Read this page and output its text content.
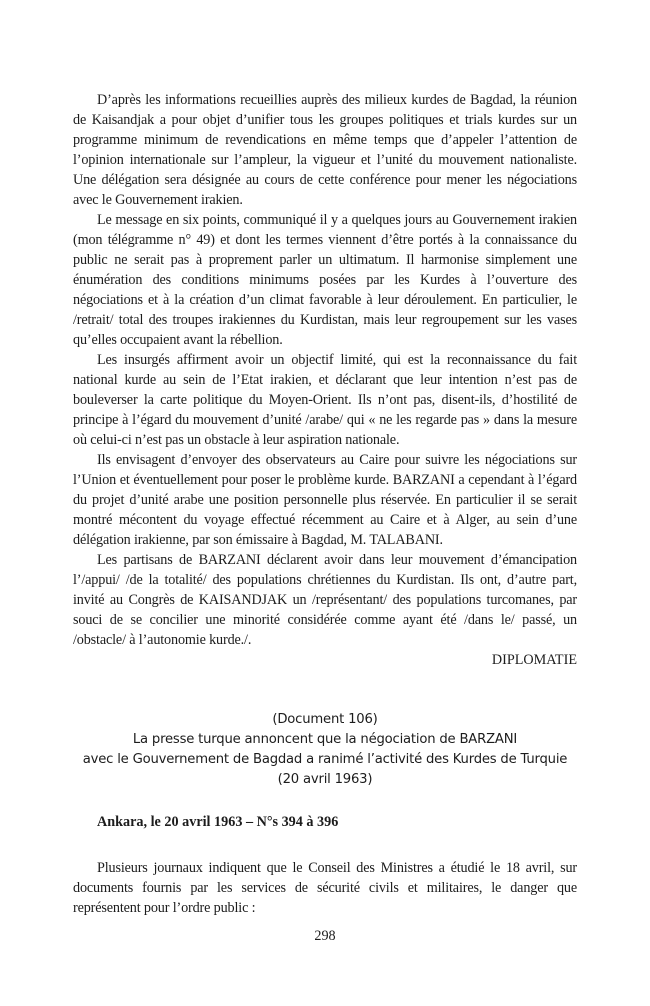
D’après les informations recueillies auprès des milieux kurdes de Bagdad, la réunion de Kaisandjak a pour objet d’unifier tous les groupes politiques et trials kurdes sur un programme minimum de revendications en même temps que d’appeler l’attention de l’opinion internationale sur l’ampleur, la vigueur et l’unité du mouvement nationaliste. Une délégation sera désignée au cours de cette conférence pour mener les négociations avec le Gouvernement irakien.

Le message en six points, communiqué il y a quelques jours au Gouvernement irakien (mon télégramme n° 49) et dont les termes viennent d’être portés à la connaissance du public ne serait pas à proprement parler un ultimatum. Il harmonise simplement une énumération des conditions minimums posées par les Kurdes à l’ouverture des négociations et à la création d’un climat favorable à leur déroulement. En particulier, le /retrait/ total des troupes irakiennes du Kurdistan, mais leur regroupement sur les vases qu’elles occupaient avant la rébellion.

Les insurgés affirment avoir un objectif limité, qui est la reconnaissance du fait national kurde au sein de l’Etat irakien, et déclarant que leur intention n’est pas de bouleverser la carte politique du Moyen-Orient. Ils n’ont pas, disent-ils, d’hostilité de principe à l’égard du mouvement d’unité /arabe/ qui « ne les regarde pas » dans la mesure où celui-ci n’est pas un obstacle à leur aspiration nationale.

Ils envisagent d’envoyer des observateurs au Caire pour suivre les négociations sur l’Union et éventuellement pour poser le problème kurde. BARZANI a cependant à l’égard du projet d’unité arabe une position personnelle plus réservée. En particulier il se serait montré mécontent du voyage effectué récemment au Caire et à Alger, au sein d’une délégation irakienne, par son émissaire à Bagdad, M. TALABANI.

Les partisans de BARZANI déclarent avoir dans leur mouvement d’émancipation l’/appui/ /de la totalité/ des populations chrétiennes du Kurdistan. Ils ont, d’autre part, invité au Congrès de KAISANDJAK un /représentant/ des populations turcomanes, par souci de se concilier une minorité considérée comme ayant été /dans le/ passé, un /obstacle/ à l’autonomie kurde./.

DIPLOMATIE

(Document 106)
La presse turque annoncent que la négociation de BARZANI
avec le Gouvernement de Bagdad a ranimé l’activité des Kurdes de Turquie
(20 avril 1963)

Ankara, le 20 avril 1963 – N°s 394 à 396

Plusieurs journaux indiquent que le Conseil des Ministres a étudié le 18 avril, sur documents fournis par les services de sécurité civils et militaires, le danger que représentent pour l’ordre public :

298
